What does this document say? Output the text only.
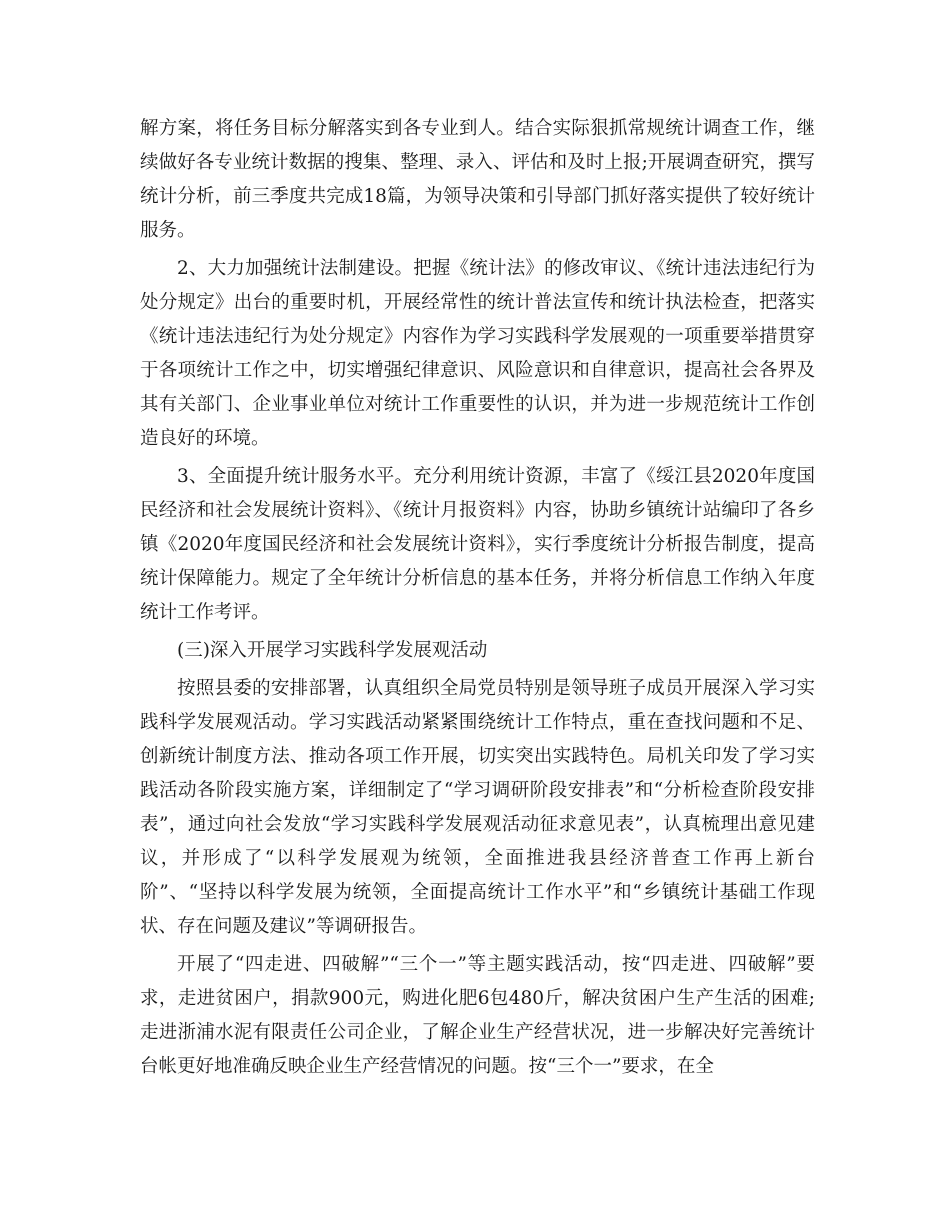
解方案，将任务目标分解落实到各专业到人。结合实际狠抓常规统计调查工作，继续做好各专业统计数据的搜集、整理、录入、评估和及时上报;开展调查研究，撰写统计分析，前三季度共完成18篇，为领导决策和引导部门抓好落实提供了较好统计服务。

2、大力加强统计法制建设。把握《统计法》的修改审议、《统计违法违纪行为处分规定》出台的重要时机，开展经常性的统计普法宣传和统计执法检查，把落实《统计违法违纪行为处分规定》内容作为学习实践科学发展观的一项重要举措贯穿于各项统计工作之中，切实增强纪律意识、风险意识和自律意识，提高社会各界及其有关部门、企业事业单位对统计工作重要性的认识，并为进一步规范统计工作创造良好的环境。

3、全面提升统计服务水平。充分利用统计资源，丰富了《绥江县2020年度国民经济和社会发展统计资料》、《统计月报资料》内容，协助乡镇统计站编印了各乡镇《2020年度国民经济和社会发展统计资料》，实行季度统计分析报告制度，提高统计保障能力。规定了全年统计分析信息的基本任务，并将分析信息工作纳入年度统计工作考评。

(三)深入开展学习实践科学发展观活动

按照县委的安排部署，认真组织全局党员特别是领导班子成员开展深入学习实践科学发展观活动。学习实践活动紧紧围绕统计工作特点，重在查找问题和不足、创新统计制度方法、推动各项工作开展，切实突出实践特色。局机关印发了学习实践活动各阶段实施方案，详细制定了“学习调研阶段安排表”和“分析检查阶段安排表”，通过向社会发放“学习实践科学发展观活动征求意见表”，认真梳理出意见建议，并形成了“以科学发展观为统领，全面推进我县经济普查工作再上新台阶”、“坚持以科学发展为统领，全面提高统计工作水平”和“乡镇统计基础工作现状、存在问题及建议”等调研报告。

开展了“四走进、四破解”“三个一”等主题实践活动，按“四走进、四破解”要求，走进贫困户，捐款900元，购进化肥6包480斤，解决贫困户生产生活的困难;走进浙浦水泥有限责任公司企业，了解企业生产经营状况，进一步解决好完善统计台帐更好地准确反映企业生产经营情况的问题。按“三个一”要求，在全
